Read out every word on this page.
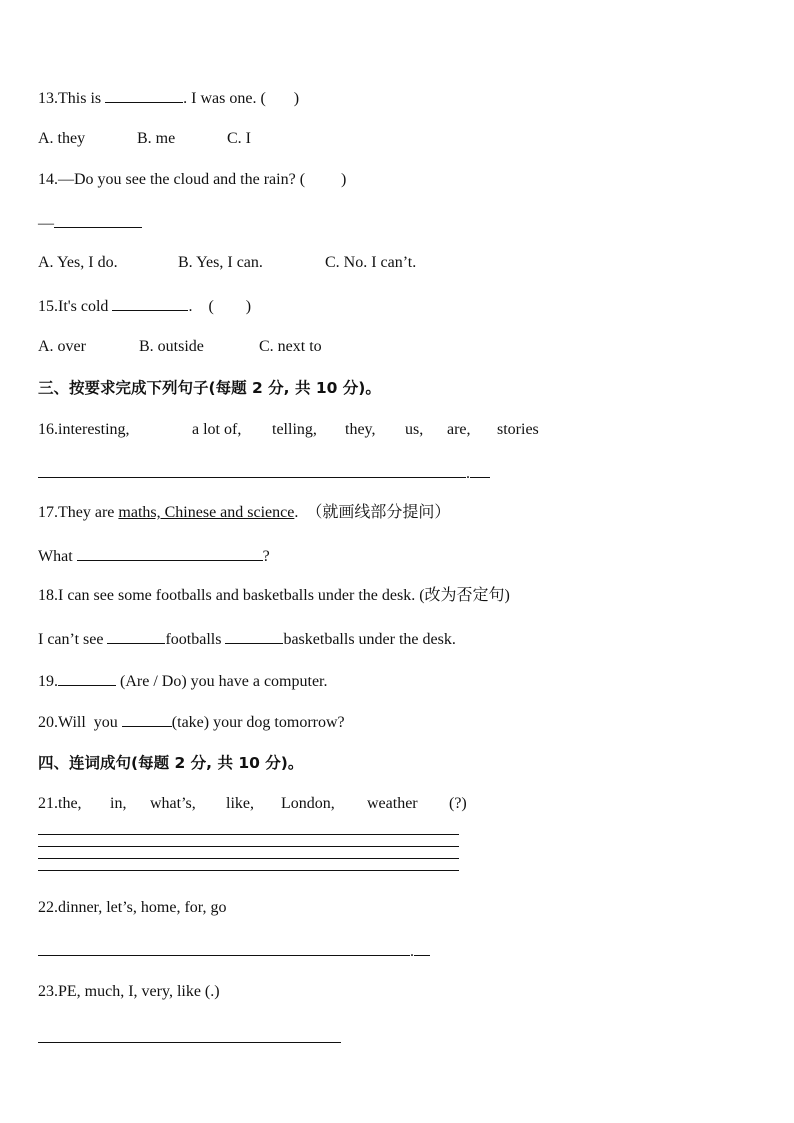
13.This is	. I was one. ( )
A. they	B. me	C. I
14.—Do you see the cloud and the rain? ( )
—
A. Yes, I do.	B. Yes, I can.	C. No. I can’t.
15.It's cold	.    ( )
A. over	B. outside	C. next to
三、按要求完成下列句子(每题 2 分, 共 10 分)。
16.interesting,	a lot of, telling, they, us, are, stories
.
17.They are maths, Chinese and science.  （就画线部分提问）
What	?
18.I can see some footballs and basketballs under the desk. (改为否定句)
I can’t see	footballs	basketballs under the desk.
19.	(Are / Do) you have a computer.
20.Will  you	(take) your dog tomorrow?
四、连词成句(每题 2 分, 共 10 分)。
21.the, in, what’s, like, London, weather (?)
22.dinner, let’s, home, for, go
.
23.PE, much, I, very, like (.)
